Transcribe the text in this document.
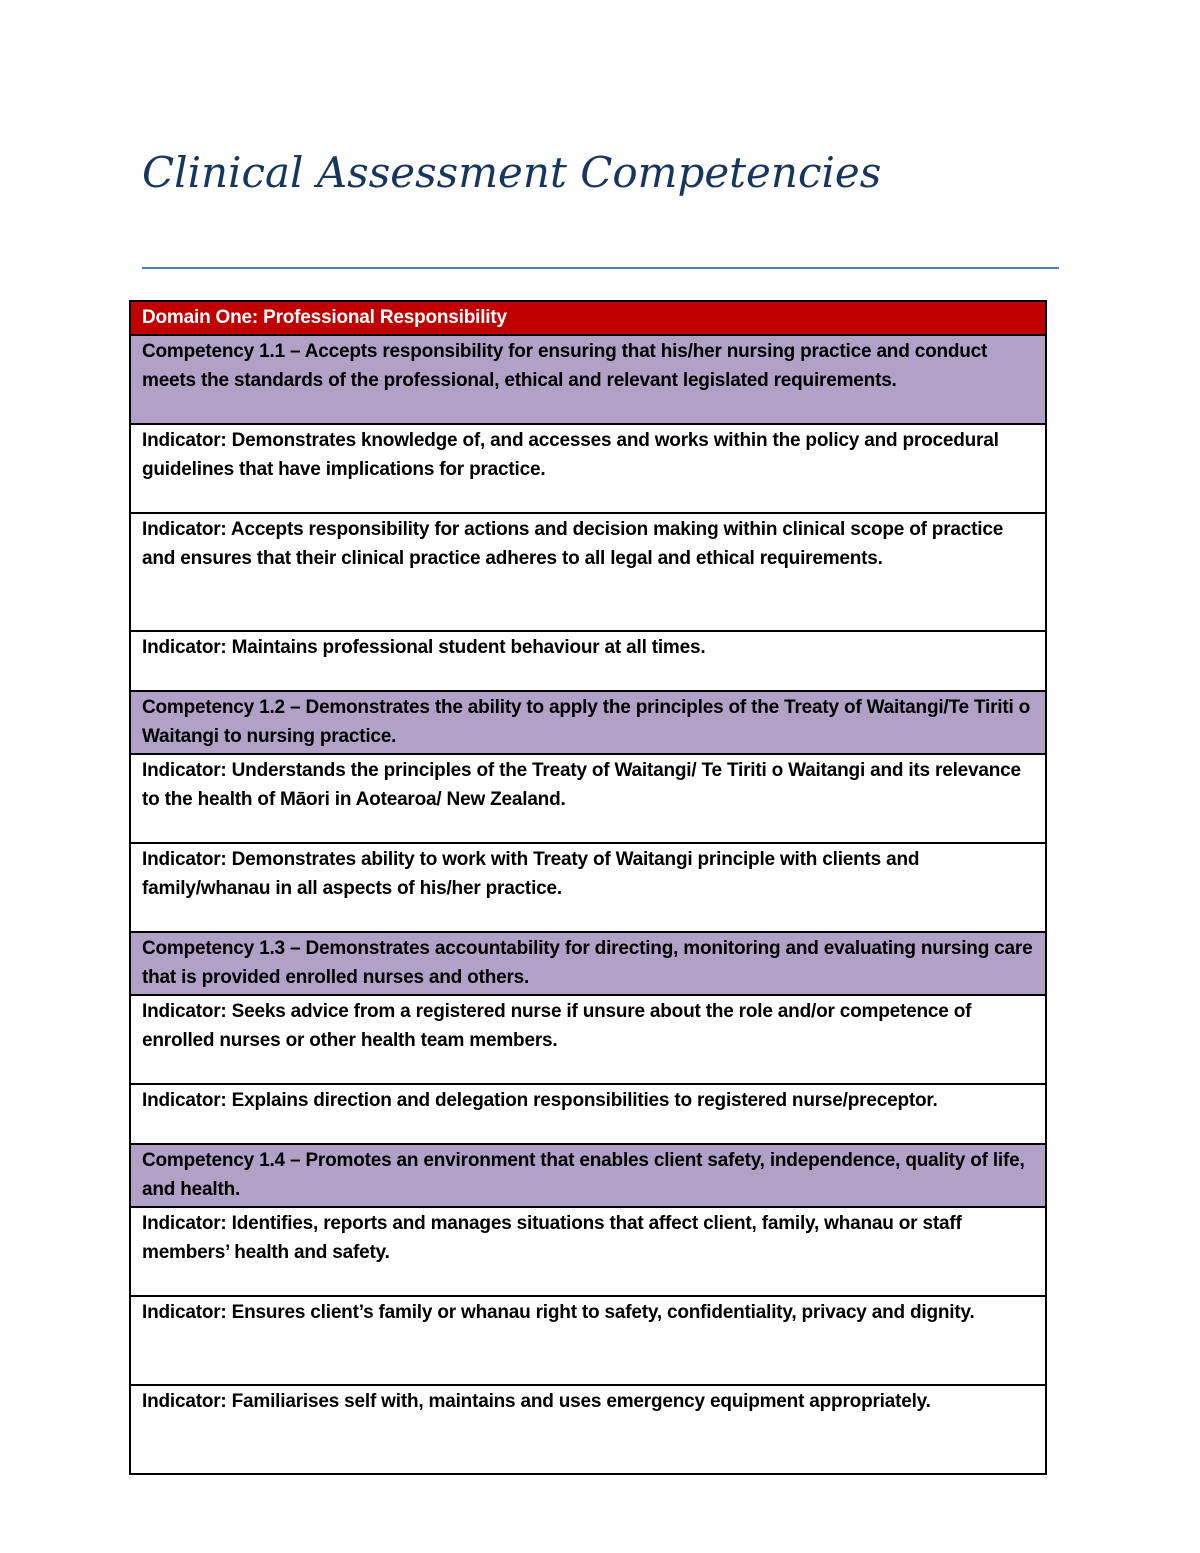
Clinical Assessment Competencies
Domain One: Professional Responsibility
Competency 1.1 – Accepts responsibility for ensuring that his/her nursing practice and conduct meets the standards of the professional, ethical and relevant legislated requirements.
Indicator: Demonstrates knowledge of, and accesses and works within the policy and procedural guidelines that have implications for practice.
Indicator: Accepts responsibility for actions and decision making within clinical scope of practice and ensures that their clinical practice adheres to all legal and ethical requirements.
Indicator: Maintains professional student behaviour at all times.
Competency 1.2 – Demonstrates the ability to apply the principles of the Treaty of Waitangi/Te Tiriti o Waitangi to nursing practice.
Indicator: Understands the principles of the Treaty of Waitangi/ Te Tiriti o Waitangi and its relevance to the health of Māori in Aotearoa/ New Zealand.
Indicator: Demonstrates ability to work with Treaty of Waitangi principle with clients and family/whanau in all aspects of his/her practice.
Competency 1.3 – Demonstrates accountability for directing, monitoring and evaluating nursing care that is provided enrolled nurses and others.
Indicator: Seeks advice from a registered nurse if unsure about the role and/or competence of enrolled nurses or other health team members.
Indicator: Explains direction and delegation responsibilities to registered nurse/preceptor.
Competency 1.4 – Promotes an environment that enables client safety, independence, quality of life, and health.
Indicator: Identifies, reports and manages situations that affect client, family, whanau or staff members’ health and safety.
Indicator: Ensures client’s family or whanau right to safety, confidentiality, privacy and dignity.
Indicator: Familiarises self with, maintains and uses emergency equipment appropriately.
